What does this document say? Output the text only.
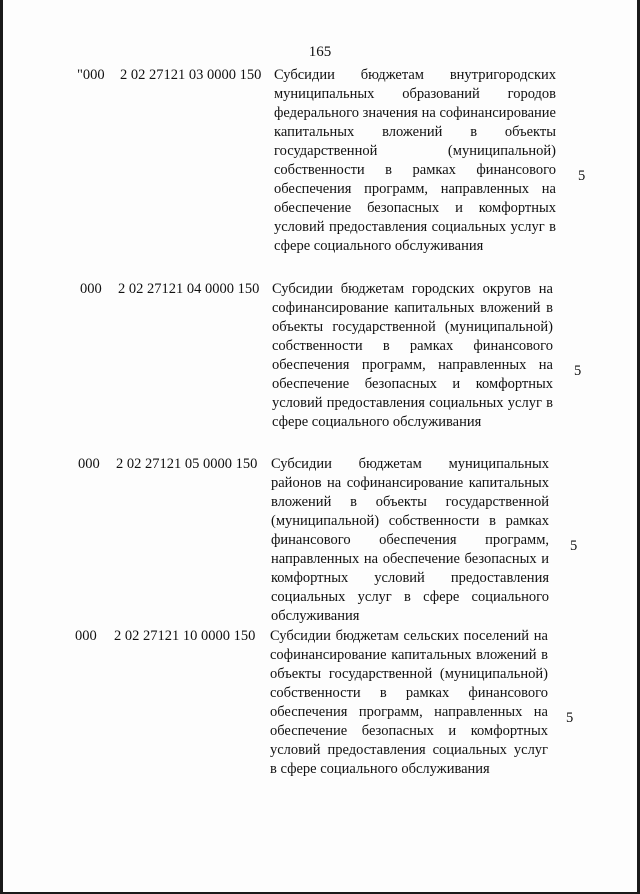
165
"000 2 02 27121 03 0000 150 Субсидии бюджетам внутригородских муниципальных образований городов федерального значения на софинансирование капитальных вложений в объекты государственной (муниципальной) собственности в рамках финансового обеспечения программ, направленных на обеспечение безопасных и комфортных условий предоставления социальных услуг в сфере социального обслуживания
5
000 2 02 27121 04 0000 150 Субсидии бюджетам городских округов на софинансирование капитальных вложений в объекты государственной (муниципальной) собственности в рамках финансового обеспечения программ, направленных на обеспечение безопасных и комфортных условий предоставления социальных услуг в сфере социального обслуживания
5
000 2 02 27121 05 0000 150 Субсидии бюджетам муниципальных районов на софинансирование капитальных вложений в объекты государственной (муниципальной) собственности в рамках финансового обеспечения программ, направленных на обеспечение безопасных и комфортных условий предоставления социальных услуг в сфере социального обслуживания
5
000 2 02 27121 10 0000 150 Субсидии бюджетам сельских поселений на софинансирование капитальных вложений в объекты государственной (муниципальной) собственности в рамках финансового обеспечения программ, направленных на обеспечение безопасных и комфортных условий предоставления социальных услуг в сфере социального обслуживания
5
